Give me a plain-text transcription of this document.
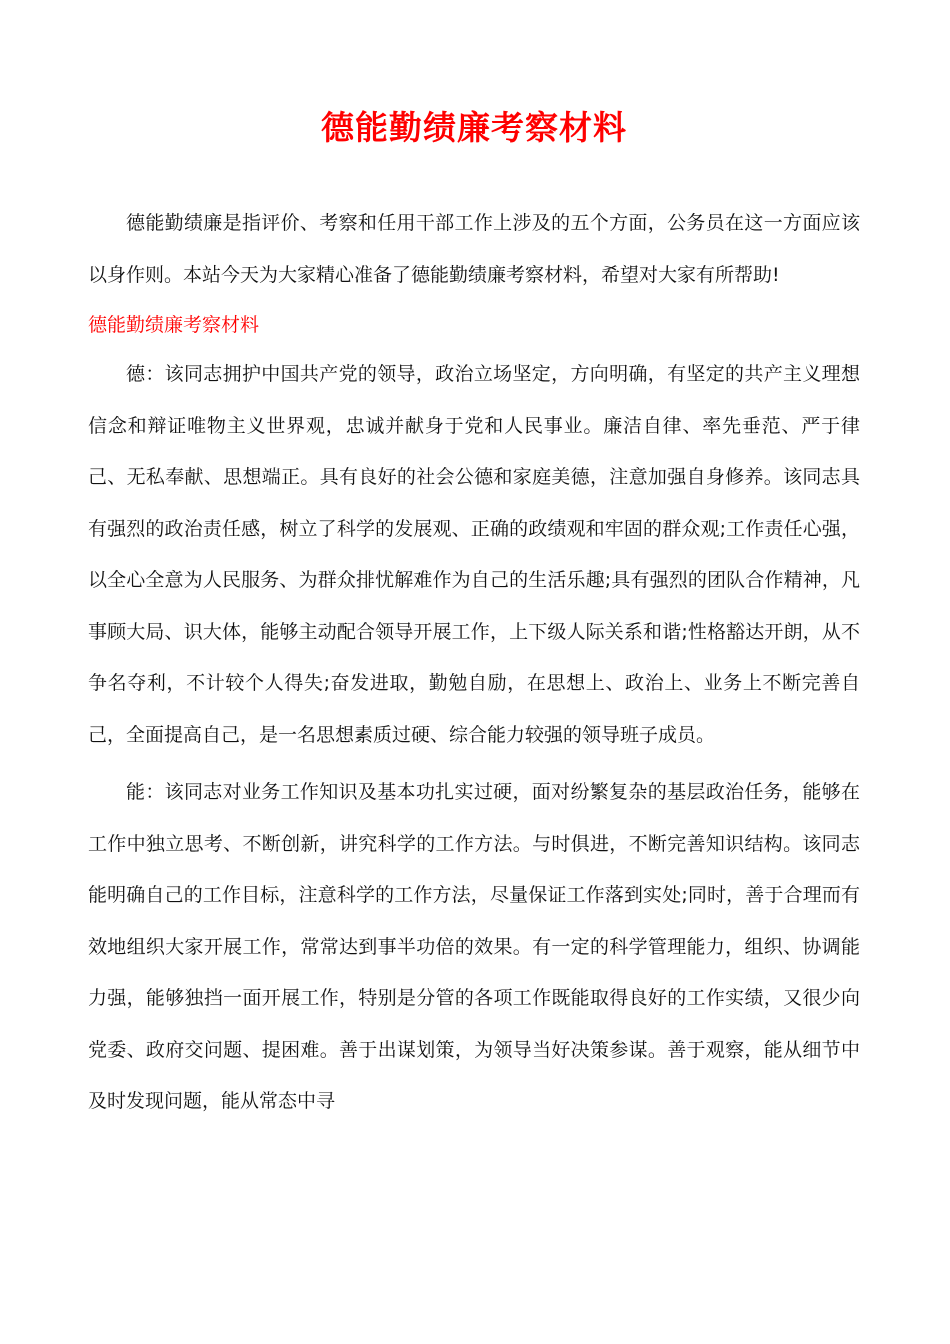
德能勤绩廉考察材料

德能勤绩廉是指评价、考察和任用干部工作上涉及的五个方面，公务员在这一方面应该以身作则。本站今天为大家精心准备了德能勤绩廉考察材料，希望对大家有所帮助!

德能勤绩廉考察材料

德：该同志拥护中国共产党的领导，政治立场坚定，方向明确，有坚定的共产主义理想信念和辩证唯物主义世界观，忠诚并献身于党和人民事业。廉洁自律、率先垂范、严于律己、无私奉献、思想端正。具有良好的社会公德和家庭美德，注意加强自身修养。该同志具有强烈的政治责任感，树立了科学的发展观、正确的政绩观和牢固的群众观;工作责任心强，以全心全意为人民服务、为群众排忧解难作为自己的生活乐趣;具有强烈的团队合作精神，凡事顾大局、识大体，能够主动配合领导开展工作，上下级人际关系和谐;性格豁达开朗，从不争名夺利，不计较个人得失;奋发进取，勤勉自励，在思想上、政治上、业务上不断完善自己，全面提高自己，是一名思想素质过硬、综合能力较强的领导班子成员。

能：该同志对业务工作知识及基本功扎实过硬，面对纷繁复杂的基层政治任务，能够在工作中独立思考、不断创新，讲究科学的工作方法。与时俱进，不断完善知识结构。该同志能明确自己的工作目标，注意科学的工作方法，尽量保证工作落到实处;同时，善于合理而有效地组织大家开展工作，常常达到事半功倍的效果。有一定的科学管理能力，组织、协调能力强，能够独挡一面开展工作，特别是分管的各项工作既能取得良好的工作实绩，又很少向党委、政府交问题、提困难。善于出谋划策，为领导当好决策参谋。善于观察，能从细节中及时发现问题，能从常态中寻
